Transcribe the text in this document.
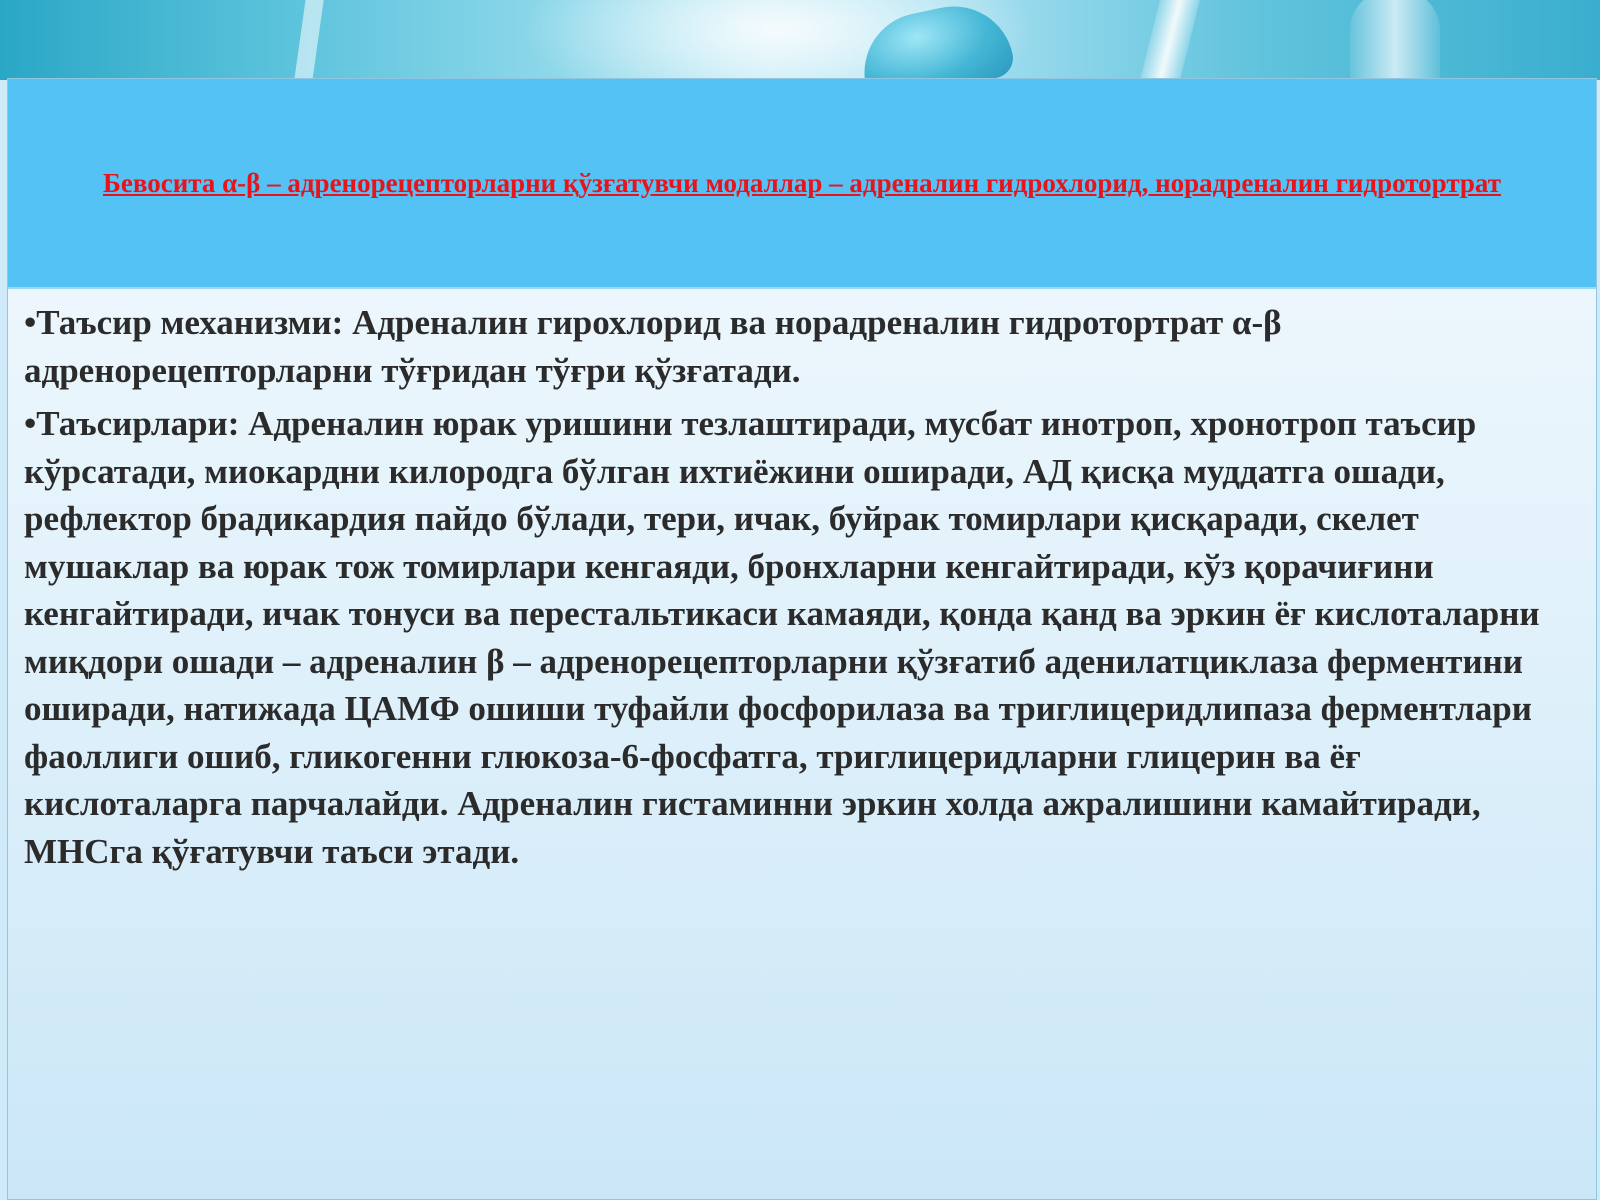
Бевосита α-β – адренорецепторларни қўзғатувчи модаллар – адреналин гидрохлорид, норадреналин гидротортрат

•Таъсир механизми: Адреналин гирохлорид ва норадреналин гидротортрат α-β адренорецепторларни тўғридан тўғри қўзғатади.

•Таъсирлари: Адреналин юрак уришини тезлаштиради, мусбат инотроп, хронотроп таъсир кўрсатади, миокардни килородга бўлган ихтиёжини оширади, АД қисқа муддатга ошади, рефлектор брадикардия пайдо бўлади, тери, ичак, буйрак томирлари қисқаради, скелет мушаклар ва юрак тож томирлари кенгаяди, бронхларни кенгайтиради, кўз қорачиғини кенгайтиради, ичак тонуси ва перестальтикаси камаяди, қонда қанд ва эркин ёғ кислоталарни миқдори ошади – адреналин β – адренорецепторларни қўзғатиб аденилатциклаза ферментини оширади, натижада ЦАМФ ошиши туфайли фосфорилаза ва триглицеридлипаза ферментлари фаоллиги ошиб, гликогенни глюкоза-6-фосфатга, триглицеридларни глицерин ва ёғ кислоталарга парчалайди. Адреналин гистаминни эркин холда ажралишини камайтиради, МНСга қўғатувчи таъси этади.
